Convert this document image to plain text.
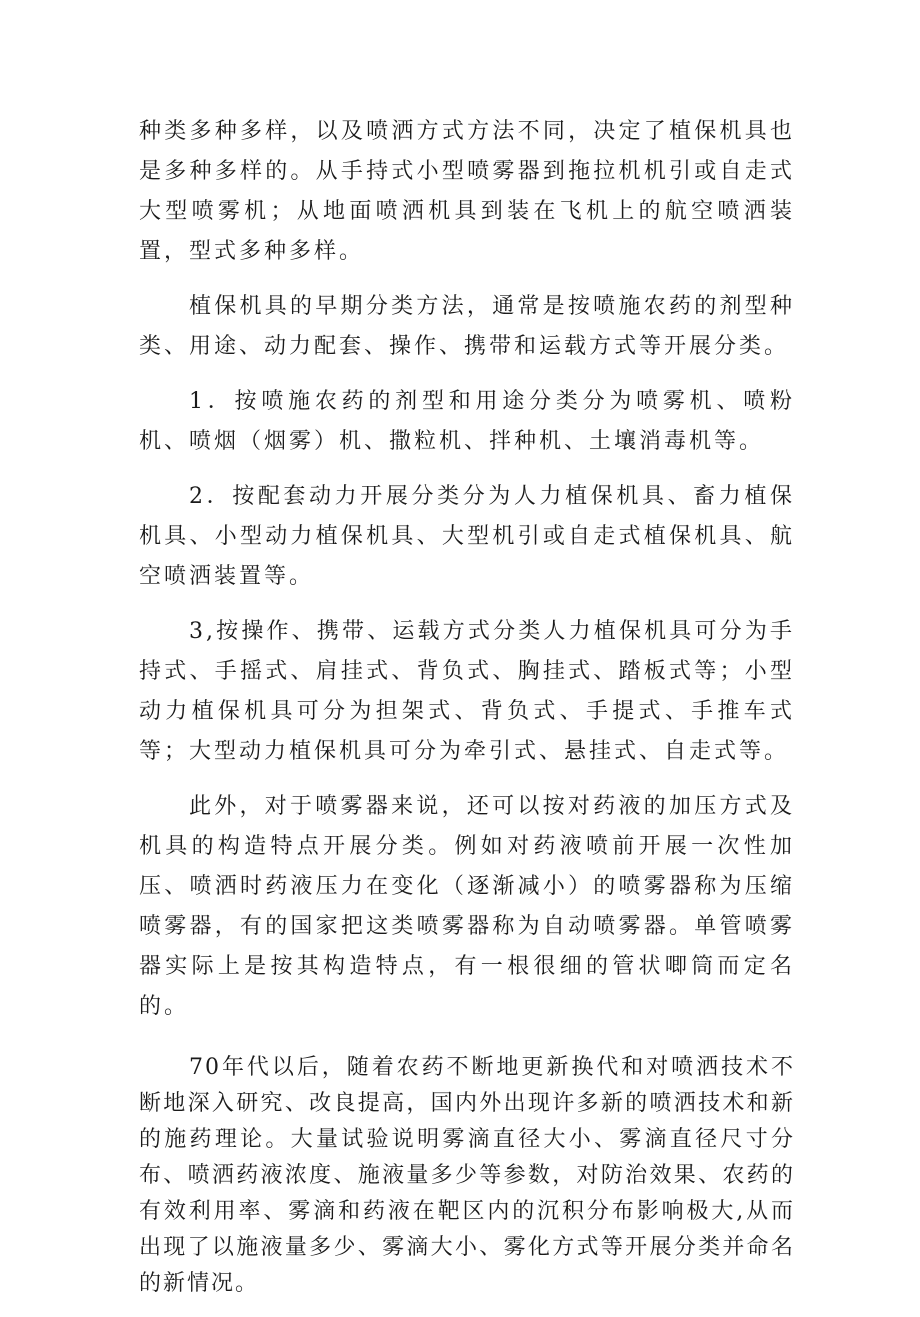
种类多种多样，以及喷洒方式方法不同，决定了植保机具也是多种多样的。从手持式小型喷雾器到拖拉机机引或自走式大型喷雾机；从地面喷洒机具到装在飞机上的航空喷洒装置，型式多种多样。

植保机具的早期分类方法，通常是按喷施农药的剂型种类、用途、动力配套、操作、携带和运载方式等开展分类。

1．按喷施农药的剂型和用途分类分为喷雾机、喷粉机、喷烟（烟雾）机、撒粒机、拌种机、土壤消毒机等。

2．按配套动力开展分类分为人力植保机具、畜力植保机具、小型动力植保机具、大型机引或自走式植保机具、航空喷洒装置等。

3,按操作、携带、运载方式分类人力植保机具可分为手持式、手摇式、肩挂式、背负式、胸挂式、踏板式等；小型动力植保机具可分为担架式、背负式、手提式、手推车式等；大型动力植保机具可分为牵引式、悬挂式、自走式等。

此外，对于喷雾器来说，还可以按对药液的加压方式及机具的构造特点开展分类。例如对药液喷前开展一次性加压、喷洒时药液压力在变化（逐渐减小）的喷雾器称为压缩喷雾器，有的国家把这类喷雾器称为自动喷雾器。单管喷雾器实际上是按其构造特点，有一根很细的管状唧筒而定名的。

70年代以后，随着农药不断地更新换代和对喷洒技术不断地深入研究、改良提高，国内外出现许多新的喷洒技术和新的施药理论。大量试验说明雾滴直径大小、雾滴直径尺寸分布、喷洒药液浓度、施液量多少等参数，对防治效果、农药的有效利用率、雾滴和药液在靶区内的沉积分布影响极大,从而出现了以施液量多少、雾滴大小、雾化方式等开展分类并命名的新情况。
